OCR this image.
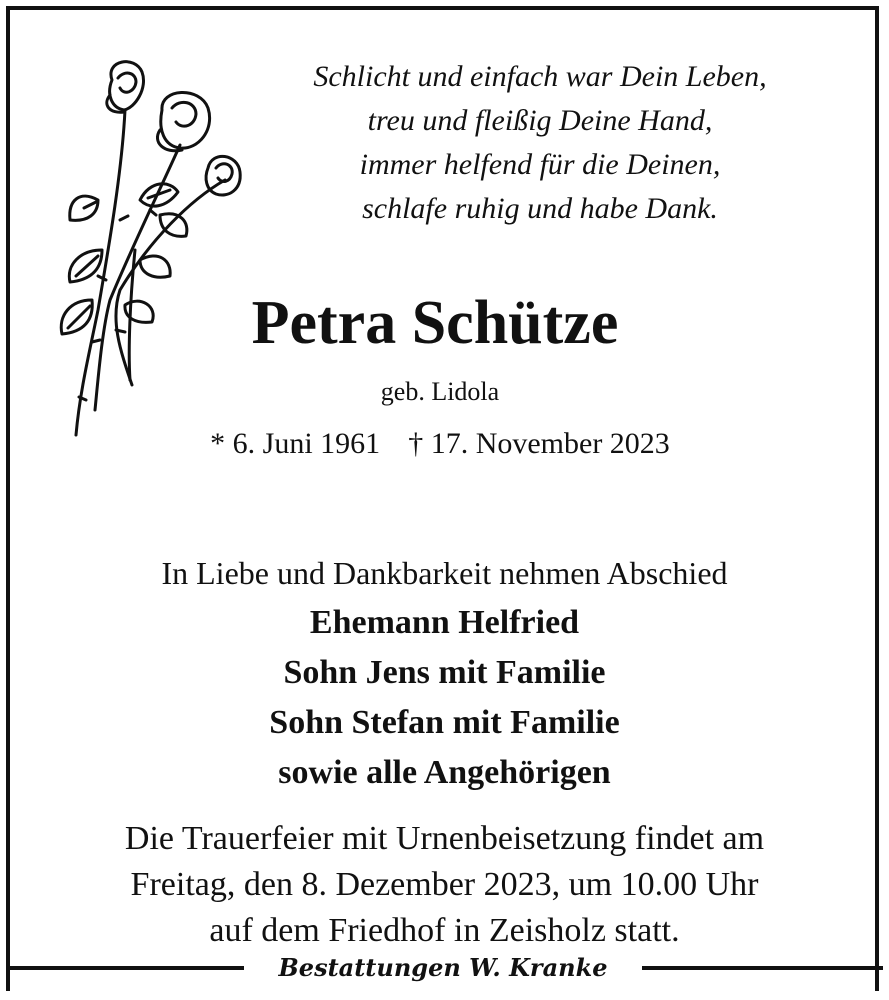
Schlicht und einfach war Dein Leben,
treu und fleißig Deine Hand,
immer helfend für die Deinen,
schlafe ruhig und habe Dank.
Petra Schütze
geb. Lidola
* 6. Juni 1961 † 17. November 2023
In Liebe und Dankbarkeit nehmen Abschied
Ehemann Helfried
Sohn Jens mit Familie
Sohn Stefan mit Familie
sowie alle Angehörigen
Die Trauerfeier mit Urnenbeisetzung findet am
Freitag, den 8. Dezember 2023, um 10.00 Uhr
auf dem Friedhof in Zeisholz statt.
Bestattungen W. Kranke
